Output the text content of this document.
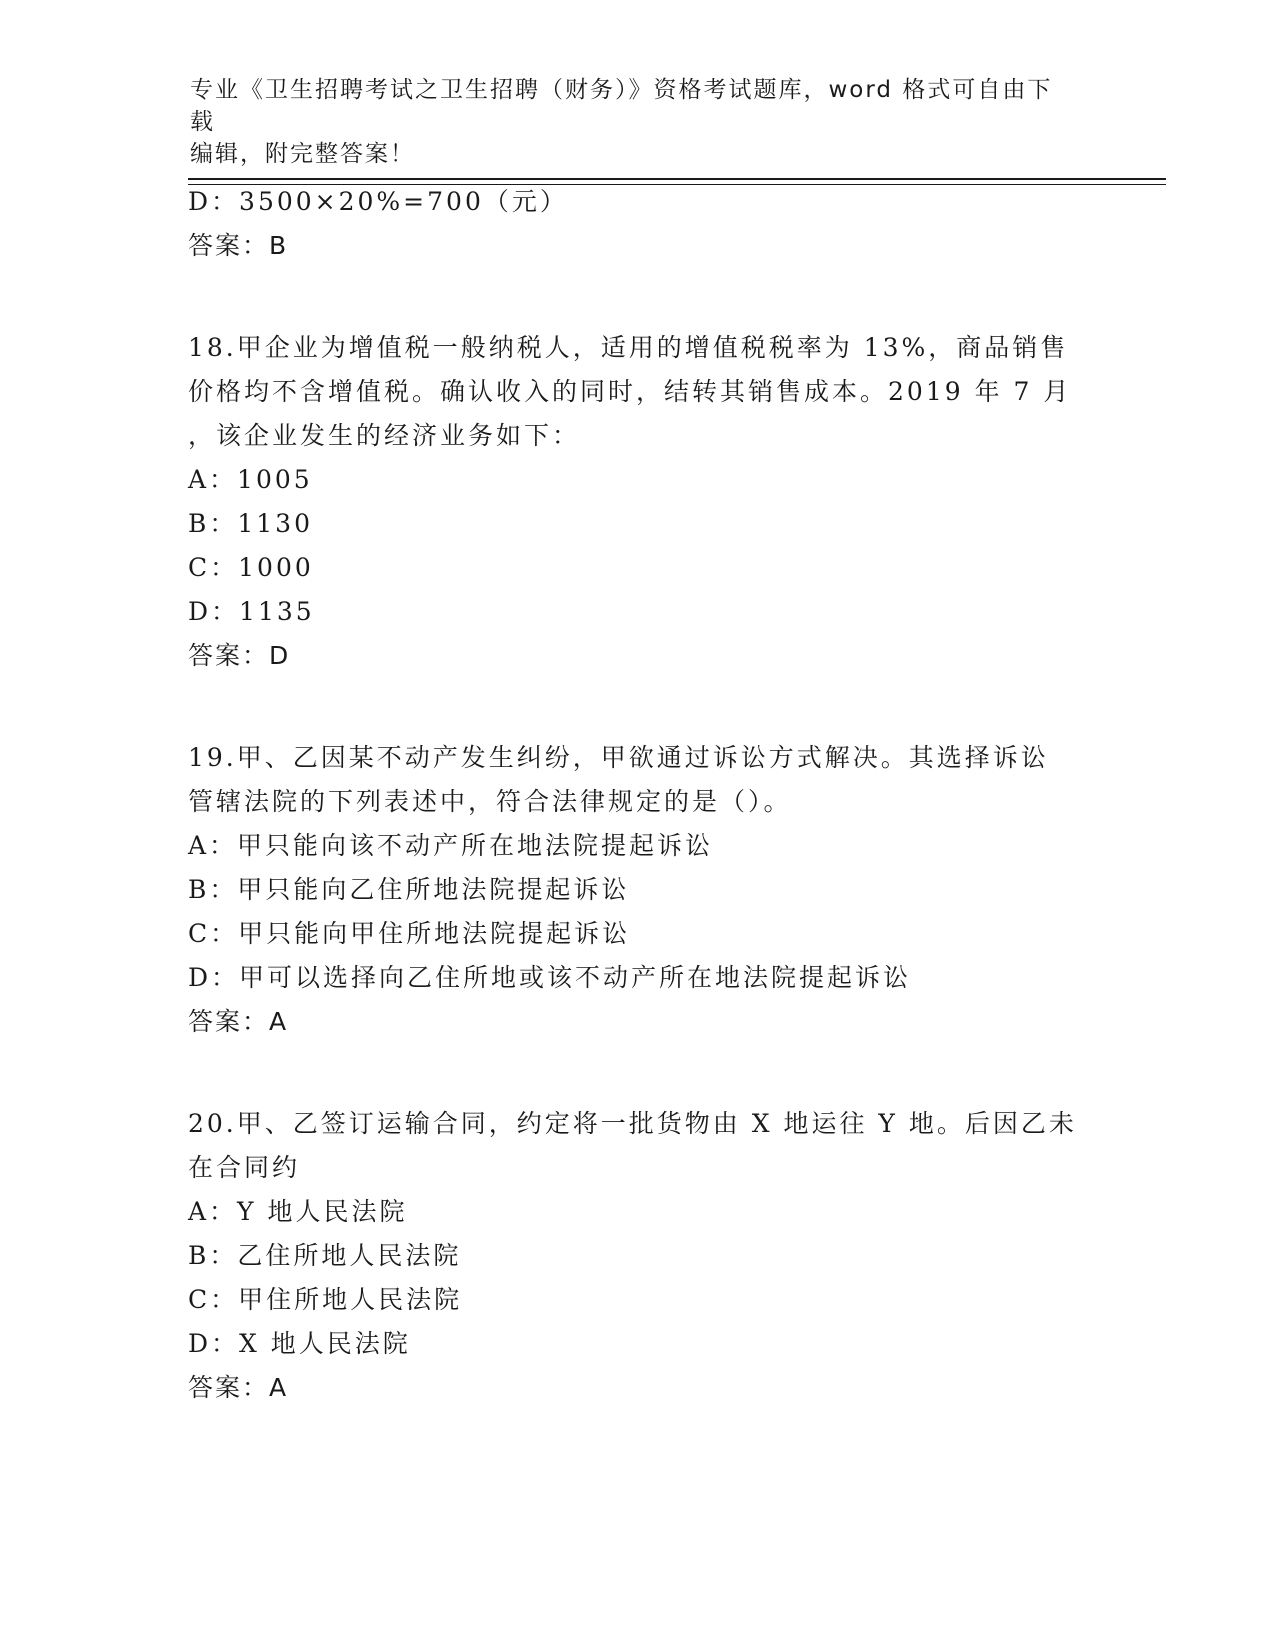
专业《卫生招聘考试之卫生招聘（财务）》资格考试题库，word 格式可自由下载
编辑，附完整答案！
D：3500×20%=700（元）
答案：B
18.甲企业为增值税一般纳税人，适用的增值税税率为 13%，商品销售
价格均不含增值税。确认收入的同时，结转其销售成本。2019 年 7 月
，该企业发生的经济业务如下：
A：1005
B：1130
C：1000
D：1135
答案：D
19.甲、乙因某不动产发生纠纷，甲欲通过诉讼方式解决。其选择诉讼
管辖法院的下列表述中，符合法律规定的是（）。
A：甲只能向该不动产所在地法院提起诉讼
B：甲只能向乙住所地法院提起诉讼
C：甲只能向甲住所地法院提起诉讼
D：甲可以选择向乙住所地或该不动产所在地法院提起诉讼
答案：A
20.甲、乙签订运输合同，约定将一批货物由 X 地运往 Y 地。后因乙未
在合同约
A：Y 地人民法院
B：乙住所地人民法院
C：甲住所地人民法院
D：X 地人民法院
答案：A
